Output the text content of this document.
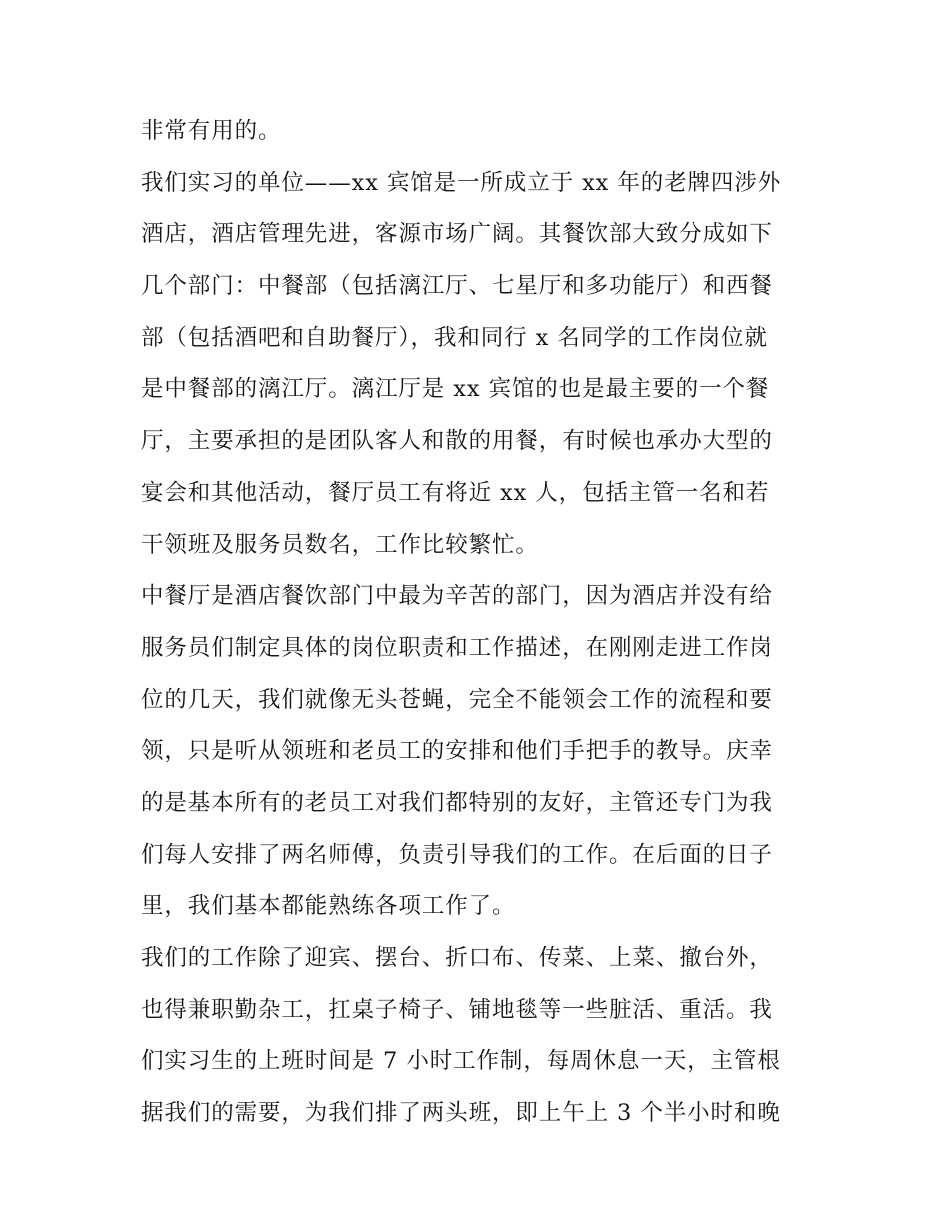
非常有用的。
我们实习的单位——xx 宾馆是一所成立于 xx 年的老牌四涉外
酒店，酒店管理先进，客源市场广阔。其餐饮部大致分成如下
几个部门：中餐部（包括漓江厅、七星厅和多功能厅）和西餐
部（包括酒吧和自助餐厅），我和同行 x 名同学的工作岗位就
是中餐部的漓江厅。漓江厅是 xx 宾馆的也是最主要的一个餐
厅，主要承担的是团队客人和散的用餐，有时候也承办大型的
宴会和其他活动，餐厅员工有将近 xx 人，包括主管一名和若
干领班及服务员数名，工作比较繁忙。
中餐厅是酒店餐饮部门中最为辛苦的部门，因为酒店并没有给
服务员们制定具体的岗位职责和工作描述，在刚刚走进工作岗
位的几天，我们就像无头苍蝇，完全不能领会工作的流程和要
领，只是听从领班和老员工的安排和他们手把手的教导。庆幸
的是基本所有的老员工对我们都特别的友好，主管还专门为我
们每人安排了两名师傅，负责引导我们的工作。在后面的日子
里，我们基本都能熟练各项工作了。
我们的工作除了迎宾、摆台、折口布、传菜、上菜、撤台外，
也得兼职勤杂工，扛桌子椅子、铺地毯等一些脏活、重活。我
们实习生的上班时间是 7 小时工作制，每周休息一天，主管根
据我们的需要，为我们排了两头班，即上午上 3 个半小时和晚
